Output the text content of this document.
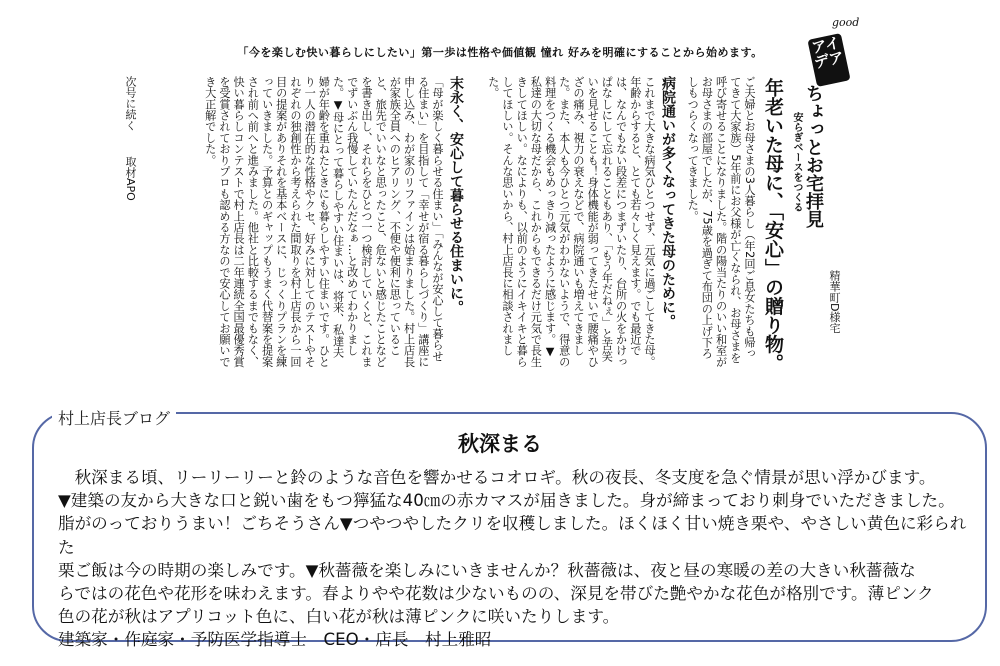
「今を楽しむ快い暮らしにしたい」第一歩は性格や価値観 憧れ 好みを明確にすることから始めます。
good
アイデア
精華町D様宅
ちょっとお宅拝見
安らぎベースをつくる
年老いた母に、「安心」の贈り物。
ご夫婦とお母さまの3人暮らし（年2回ご息女たちも帰ってきて大家族）5年前にお父様が亡くなられ、お母さまを呼び寄せることになりました。階の陽当たりのいい和室がお母さまの部屋でしたが、75歳を過ぎて布団の上げ下ろしもつらくなってきました。
病院通いが多くなってきた母のために。
これまで大きな病気ひとつせず、元気に過ごしてきた母。年齢からすると、とても若々しく見えます。でも最近では、なんでもない段差につまずいたり、台所の火をかけっぱなしにして忘れることもあり、「もう年だねぇ」と苦笑いを見せることも！身体機能が弱ってきたせいで腰痛やひざの痛み、視力の衰えなどで、病院通いも増えてきました。また、本人も今ひとつ元気がわかないようで、得意の料理をつくる機会もめっきり減ったように感じます。▼私達の大切な母だから、これからもできるだけ元気で長生きしてほしい。なによりも、以前のようにイキイキと暮らしてほしい。そんな思いから、村上店長に相談されました。
末永く、安心して暮らせる住まいに。
「母が楽しく暮らせる住まい」「みんなが安心して暮らせる住まい」を目指して「幸せが宿る暮らしづくり」講座に申し込み、わが家のリファインは始まりました。村上店長が家族全員へのヒアリング、不便や便利に思っていること、旅先でいいなと思ったこと、危ないと感じたことなどを書き出し、それらをひとつ一つ検討していくと、これまでずいぶん我慢していたんだなぁ…と改めてわかりました。▼母にとって暮らしやすい住まいは、将来、私達夫婦が年齢を重ねたときにも暮らしやすい住まいです。ひとり一人の潜在的な性格やクセ、好みに対してのテストやそれぞれの独創性から考えられた間取りを村上店長から一回目の提案がありそれを基本ベースに、じっくりプランを練っていきました。予算とのギャップもうまく代替案を提案され前へ前へと進みました。他社と比較するまでもなく、快い暮らしコンテストで村上店長は二年連続全国最優秀賞を受賞されておりプロも認める方なので安心してお願いでき大正解でした。
次号に続く
取材APO
村上店長ブログ
秋深まる

　秋深まる頃、リーリーリーと鈴のような音色を響かせるコオロギ。秋の夜長、冬支度を急ぐ情景が思い浮かびます。

▼建築の友から大きな口と鋭い歯をもつ獰猛な40㎝の赤カマスが届きました。身が締まっており刺身でいただきました。

脂がのっておりうまい！ごちそうさん▼つやつやしたクリを収穫しました。ほくほく甘い焼き栗や、やさしい黄色に彩られた

栗ご飯は今の時期の楽しみです。▼秋薔薇を楽しみにいきませんか？秋薔薇は、夜と昼の寒暖の差の大きい秋薔薇な

らではの花色や花形を味わえます。春よりやや花数は少ないものの、深見を帯びた艶やかな花色が格別です。薄ピンク

色の花が秋はアプリコット色に、白い花が秋は薄ピンクに咲いたりします。

建築家・作庭家・予防医学指導士　CEO・店長　村上雅昭
